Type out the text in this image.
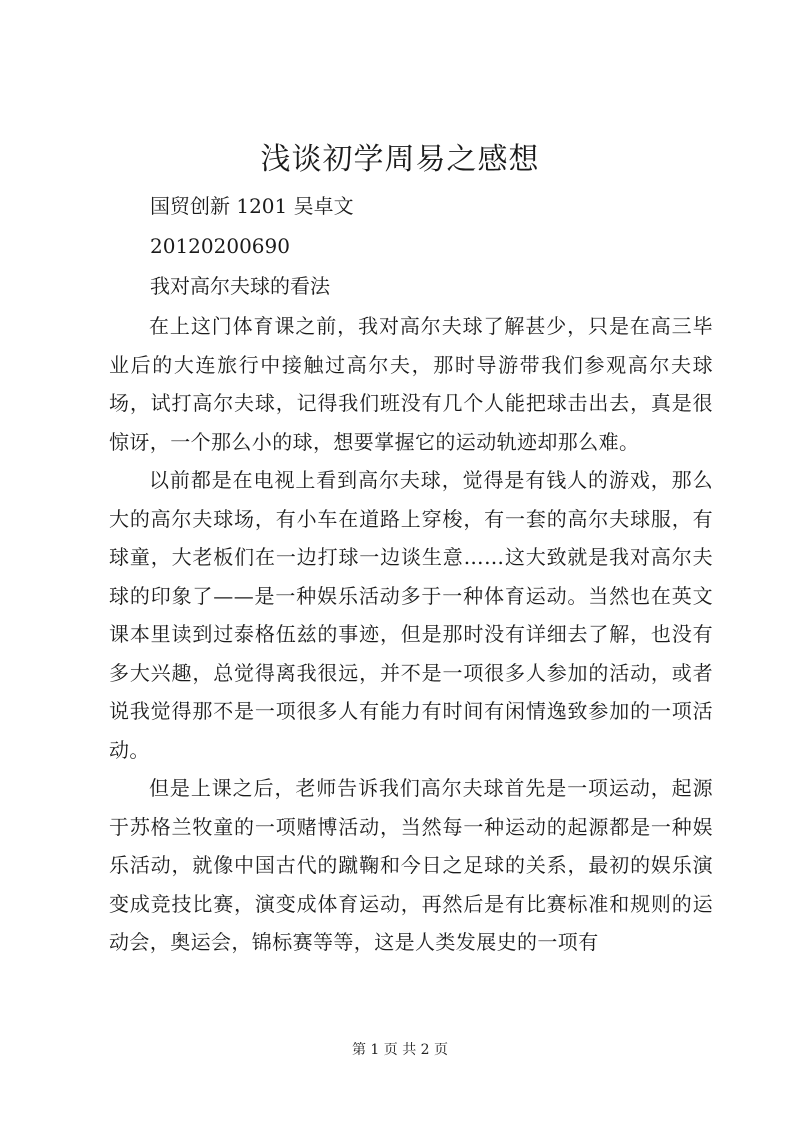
浅谈初学周易之感想

国贸创新 1201 吴卓文

20120200690

我对高尔夫球的看法

在上这门体育课之前，我对高尔夫球了解甚少，只是在高三毕业后的大连旅行中接触过高尔夫，那时导游带我们参观高尔夫球场，试打高尔夫球，记得我们班没有几个人能把球击出去，真是很惊讶，一个那么小的球，想要掌握它的运动轨迹却那么难。

以前都是在电视上看到高尔夫球，觉得是有钱人的游戏，那么大的高尔夫球场，有小车在道路上穿梭，有一套的高尔夫球服，有球童，大老板们在一边打球一边谈生意……这大致就是我对高尔夫球的印象了——是一种娱乐活动多于一种体育运动。当然也在英文课本里读到过泰格伍兹的事迹，但是那时没有详细去了解，也没有多大兴趣，总觉得离我很远，并不是一项很多人参加的活动，或者说我觉得那不是一项很多人有能力有时间有闲情逸致参加的一项活动。

但是上课之后，老师告诉我们高尔夫球首先是一项运动，起源于苏格兰牧童的一项赌博活动，当然每一种运动的起源都是一种娱乐活动，就像中国古代的蹴鞠和今日之足球的关系，最初的娱乐演变成竞技比赛，演变成体育运动，再然后是有比赛标准和规则的运动会，奥运会，锦标赛等等，这是人类发展史的一项有

第 1 页 共 2 页
